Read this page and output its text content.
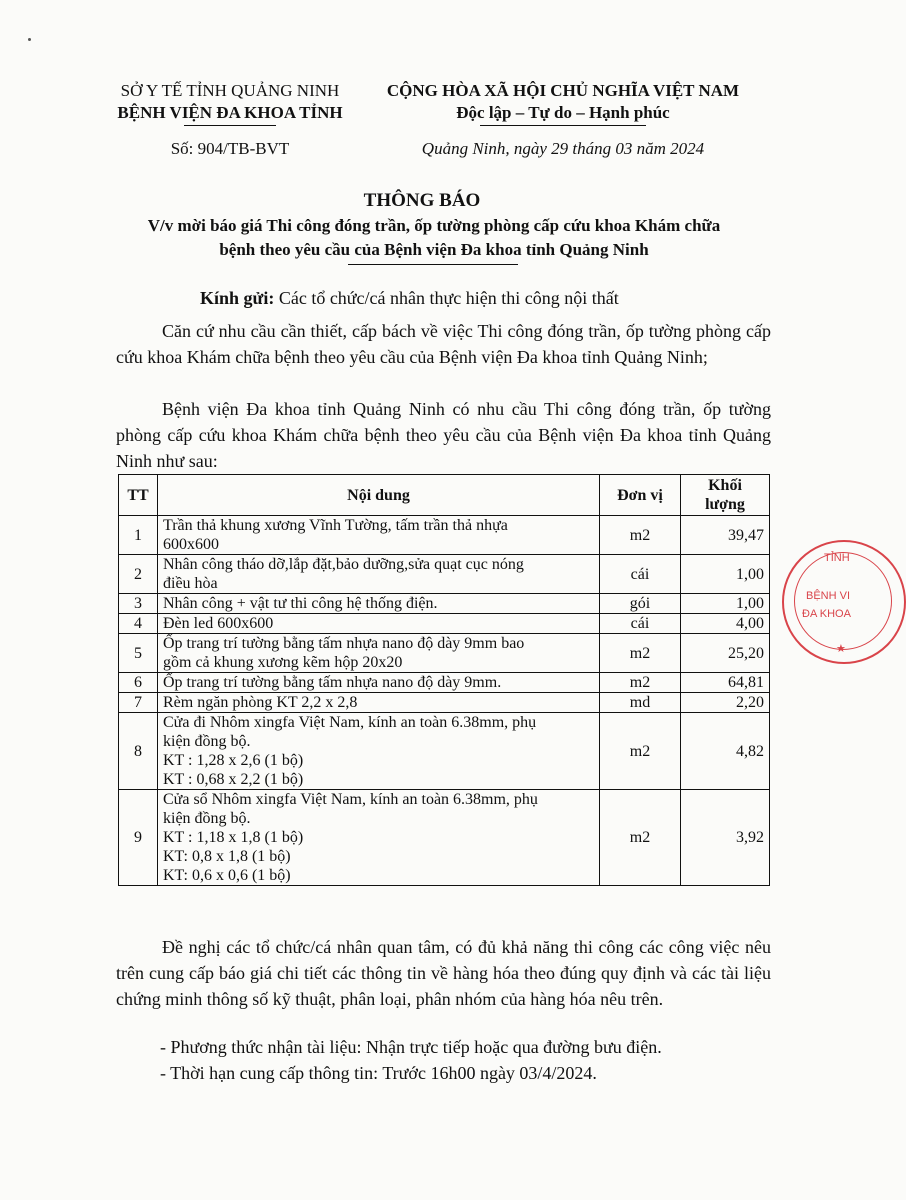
SỞ Y TẾ TỈNH QUẢNG NINH
BỆNH VIỆN ĐA KHOA TỈNH
Số: 904/TB-BVT
CỘNG HÒA XÃ HỘI CHỦ NGHĨA VIỆT NAM
Độc lập – Tự do – Hạnh phúc
Quảng Ninh, ngày 29 tháng 03 năm 2024
THÔNG BÁO
V/v mời báo giá Thi công đóng trần, ốp tường phòng cấp cứu khoa Khám chữa
bệnh theo yêu cầu của Bệnh viện Đa khoa tỉnh Quảng Ninh
Kính gửi: Các tổ chức/cá nhân thực hiện thi công nội thất

Căn cứ nhu cầu cần thiết, cấp bách về việc Thi công đóng trần, ốp tường phòng cấp cứu khoa Khám chữa bệnh theo yêu cầu của Bệnh viện Đa khoa tỉnh Quảng Ninh;

Bệnh viện Đa khoa tỉnh Quảng Ninh có nhu cầu Thi công đóng trần, ốp tường phòng cấp cứu khoa Khám chữa bệnh theo yêu cầu của Bệnh viện Đa khoa tỉnh Quảng Ninh như sau:

TT	Nội dung	Đơn vị	Khối
lượng

1	Trần thả khung xương Vĩnh Tường, tấm trần thả nhựa
600x600	m2	39,47
2	Nhân công tháo dỡ,lắp đặt,bảo dưỡng,sửa quạt cục nóng
điều hòa	cái	1,00
3	Nhân công + vật tư thi công hệ thống điện.	gói	1,00
4	Đèn led 600x600	cái	4,00
5	Ốp trang trí tường bằng tấm nhựa nano độ dày 9mm bao
gồm cả khung xương kẽm hộp 20x20	m2	25,20
6	Ốp trang trí tường bằng tấm nhựa nano độ dày 9mm.	m2	64,81
7	Rèm ngăn phòng KT 2,2 x 2,8	md	2,20
8	Cửa đi Nhôm xingfa Việt Nam, kính an toàn 6.38mm, phụ
kiện đồng bộ.
KT : 1,28 x 2,6 (1 bộ)
KT : 0,68 x 2,2 (1 bộ)	m2	4,82
9	Cửa sổ Nhôm xingfa Việt Nam, kính an toàn 6.38mm, phụ
kiện đồng bộ.
KT : 1,18 x 1,8 (1 bộ)
KT: 0,8 x 1,8 (1 bộ)
KT: 0,6 x 0,6 (1 bộ)	m2	3,92

Đề nghị các tổ chức/cá nhân quan tâm, có đủ khả năng thi công các công việc nêu trên cung cấp báo giá chi tiết các thông tin về hàng hóa theo đúng quy định và các tài liệu chứng minh thông số kỹ thuật, phân loại, phân nhóm của hàng hóa nêu trên.

- Phương thức nhận tài liệu: Nhận trực tiếp hoặc qua đường bưu điện.
- Thời hạn cung cấp thông tin: Trước 16h00 ngày 03/4/2024.
TỈNH
BỆNH VI
ĐA KHOA
★
